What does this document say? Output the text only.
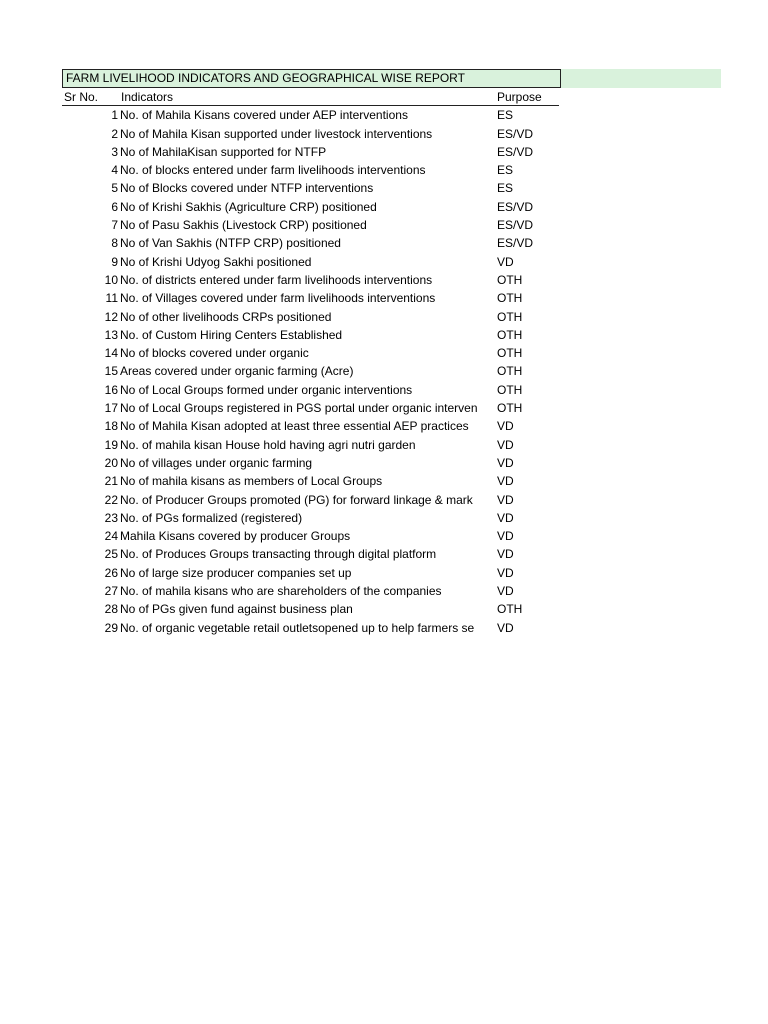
FARM LIVELIHOOD INDICATORS AND GEOGRAPHICAL WISE REPORT
Sr No.	Indicators	Purpose
1 No. of Mahila Kisans covered under AEP interventions	ES
2 No of Mahila Kisan supported under livestock interventions	ES/VD
3 No of MahilaKisan supported for NTFP	ES/VD
4 No. of blocks entered under farm livelihoods interventions	ES
5 No of Blocks covered under NTFP interventions	ES
6 No of Krishi Sakhis (Agriculture CRP) positioned	ES/VD
7 No of Pasu Sakhis (Livestock CRP) positioned	ES/VD
8 No of Van Sakhis (NTFP CRP) positioned	ES/VD
9 No of Krishi Udyog Sakhi positioned	VD
10 No. of districts entered under farm livelihoods interventions	OTH
11 No. of Villages covered under farm livelihoods interventions	OTH
12 No of other livelihoods CRPs positioned	OTH
13 No. of Custom Hiring Centers Established	OTH
14 No of blocks covered under organic	OTH
15 Areas covered under organic farming (Acre)	OTH
16 No of Local Groups formed under organic interventions	OTH
17 No of Local Groups registered in PGS portal under organic interven	OTH
18 No of Mahila Kisan adopted at least three essential AEP practices	VD
19 No. of mahila kisan House hold having agri nutri garden	VD
20 No of villages under organic farming	VD
21 No of mahila kisans as members of Local Groups	VD
22 No. of Producer Groups promoted (PG) for forward linkage & mark	VD
23 No. of PGs formalized (registered)	VD
24 Mahila Kisans covered by producer Groups	VD
25 No. of Produces Groups transacting through digital platform	VD
26 No of large size producer companies set up	VD
27 No. of mahila kisans who are shareholders of the companies	VD
28 No of PGs given fund against business plan	OTH
29 No. of organic vegetable retail outletsopened up to help farmers se	VD
